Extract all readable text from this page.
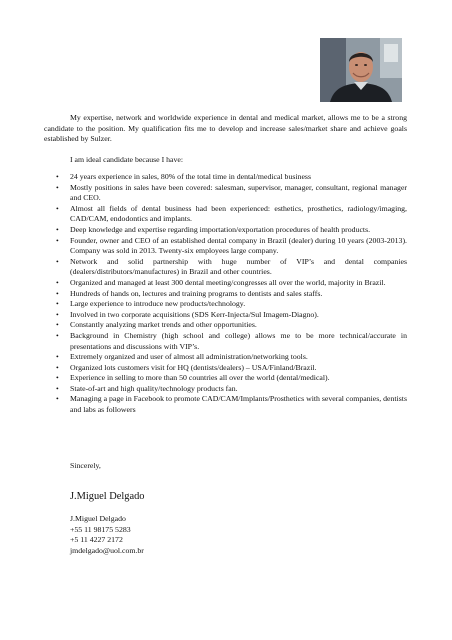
My expertise, network and worldwide experience in dental and medical market, allows me to be a strong candidate to the position. My qualification fits me to develop and increase sales/market share and achieve goals established by Sulzer.

I am ideal candidate because I have:

• 24 years experience in sales, 80% of the total time in dental/medical business
• Mostly positions in sales have been covered: salesman, supervisor, manager, consultant, regional manager and CEO.
• Almost all fields of dental business had been experienced: esthetics, prosthetics, radiology/imaging, CAD/CAM, endodontics and implants.
• Deep knowledge and expertise regarding importation/exportation procedures of health products.
• Founder, owner and CEO of an established dental company in Brazil (dealer) during 10 years (2003-2013). Company was sold in 2013. Twenty-six employees large company.
• Network and solid partnership with huge number of VIP’s and dental companies (dealers/distributors/manufactures) in Brazil and other countries.
• Organized and managed at least 300 dental meeting/congresses all over the world, majority in Brazil.
• Hundreds of hands on, lectures and training programs to dentists and sales staffs.
• Large experience to introduce new products/technology.
• Involved in two corporate acquisitions (SDS Kerr-Injecta/Sul Imagem-Diagno).
• Constantly analyzing market trends and other opportunities.
• Background in Chemistry (high school and college) allows me to be more technical/accurate in presentations and discussions with VIP’s.
• Extremely organized and user of almost all administration/networking tools.
• Organized lots customers visit for HQ (dentists/dealers) – USA/Finland/Brazil.
• Experience in selling to more than 50 countries all over the world (dental/medical).
• State-of-art and high quality/technology products fan.
• Managing a page in Facebook to promote CAD/CAM/Implants/Prosthetics with several companies, dentists and labs as followers

Sincerely,

J.Miguel Delgado

J.Miguel Delgado
+55 11 98175 5283
+5 11 4227 2172
jmdelgado@uol.com.br
